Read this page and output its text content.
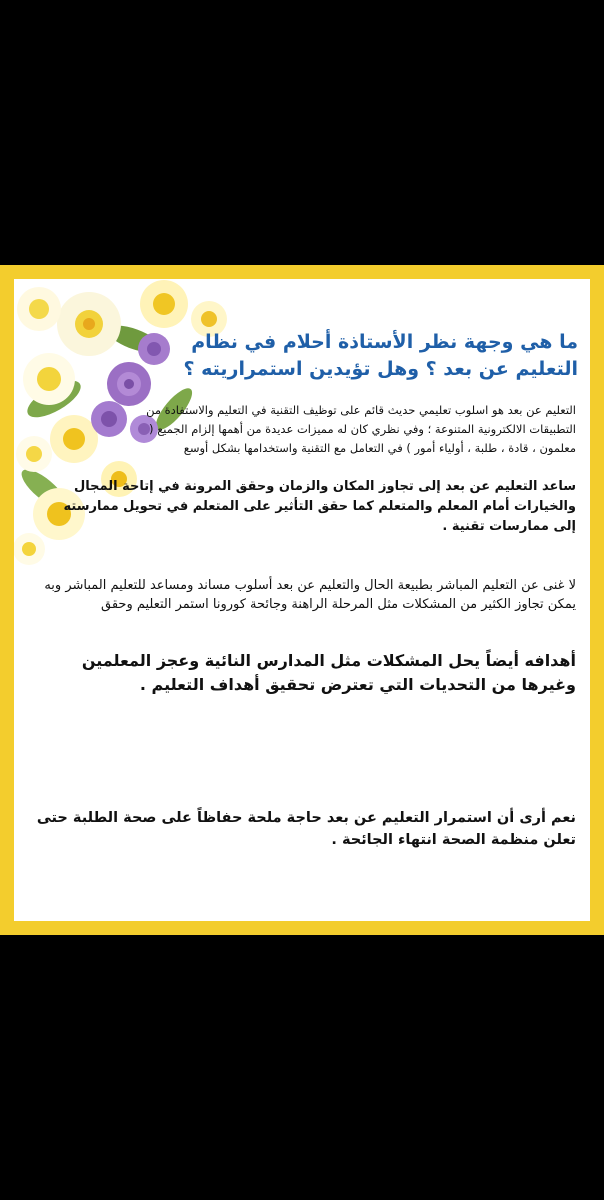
ما هي وجهة نظر الأستاذة أحلام في نظام التعليم عن بعد ؟ وهل تؤيدين استمراريته ؟

التعليم عن بعد هو اسلوب تعليمي حديث قائم على توظيف التقنية في التعليم والاستفادة من التطبيقات الالكترونية المتنوعة ؛ وفي نظري كان له مميزات عديدة من أهمها إلزام الجميع ( معلمون ، قادة ، طلبة ، أولياء أمور ) في التعامل مع التقنية واستخدامها بشكل أوسع

ساعد التعليم عن بعد إلى تجاوز المكان والزمان وحقق المرونة في إتاحة المجال والخيارات أمام المعلم والمتعلم كما حقق التأثير على المتعلم في تحويل ممارسته إلى ممارسات تقنية .

لا غنى عن التعليم المباشر بطبيعة الحال والتعليم عن بعد أسلوب مساند ومساعد للتعليم المباشر وبه يمكن تجاوز الكثير من المشكلات مثل المرحلة الراهنة وجائحة كورونا استمر التعليم وحقق

أهدافه أيضاً يحل المشكلات مثل المدارس النائية وعجز المعلمين وغيرها من التحديات التي تعترض تحقيق أهداف التعليم .

نعم أرى أن استمرار التعليم عن بعد حاجة ملحة حفاظاً على صحة الطلبة حتى تعلن منظمة الصحة انتهاء الجائحة .
